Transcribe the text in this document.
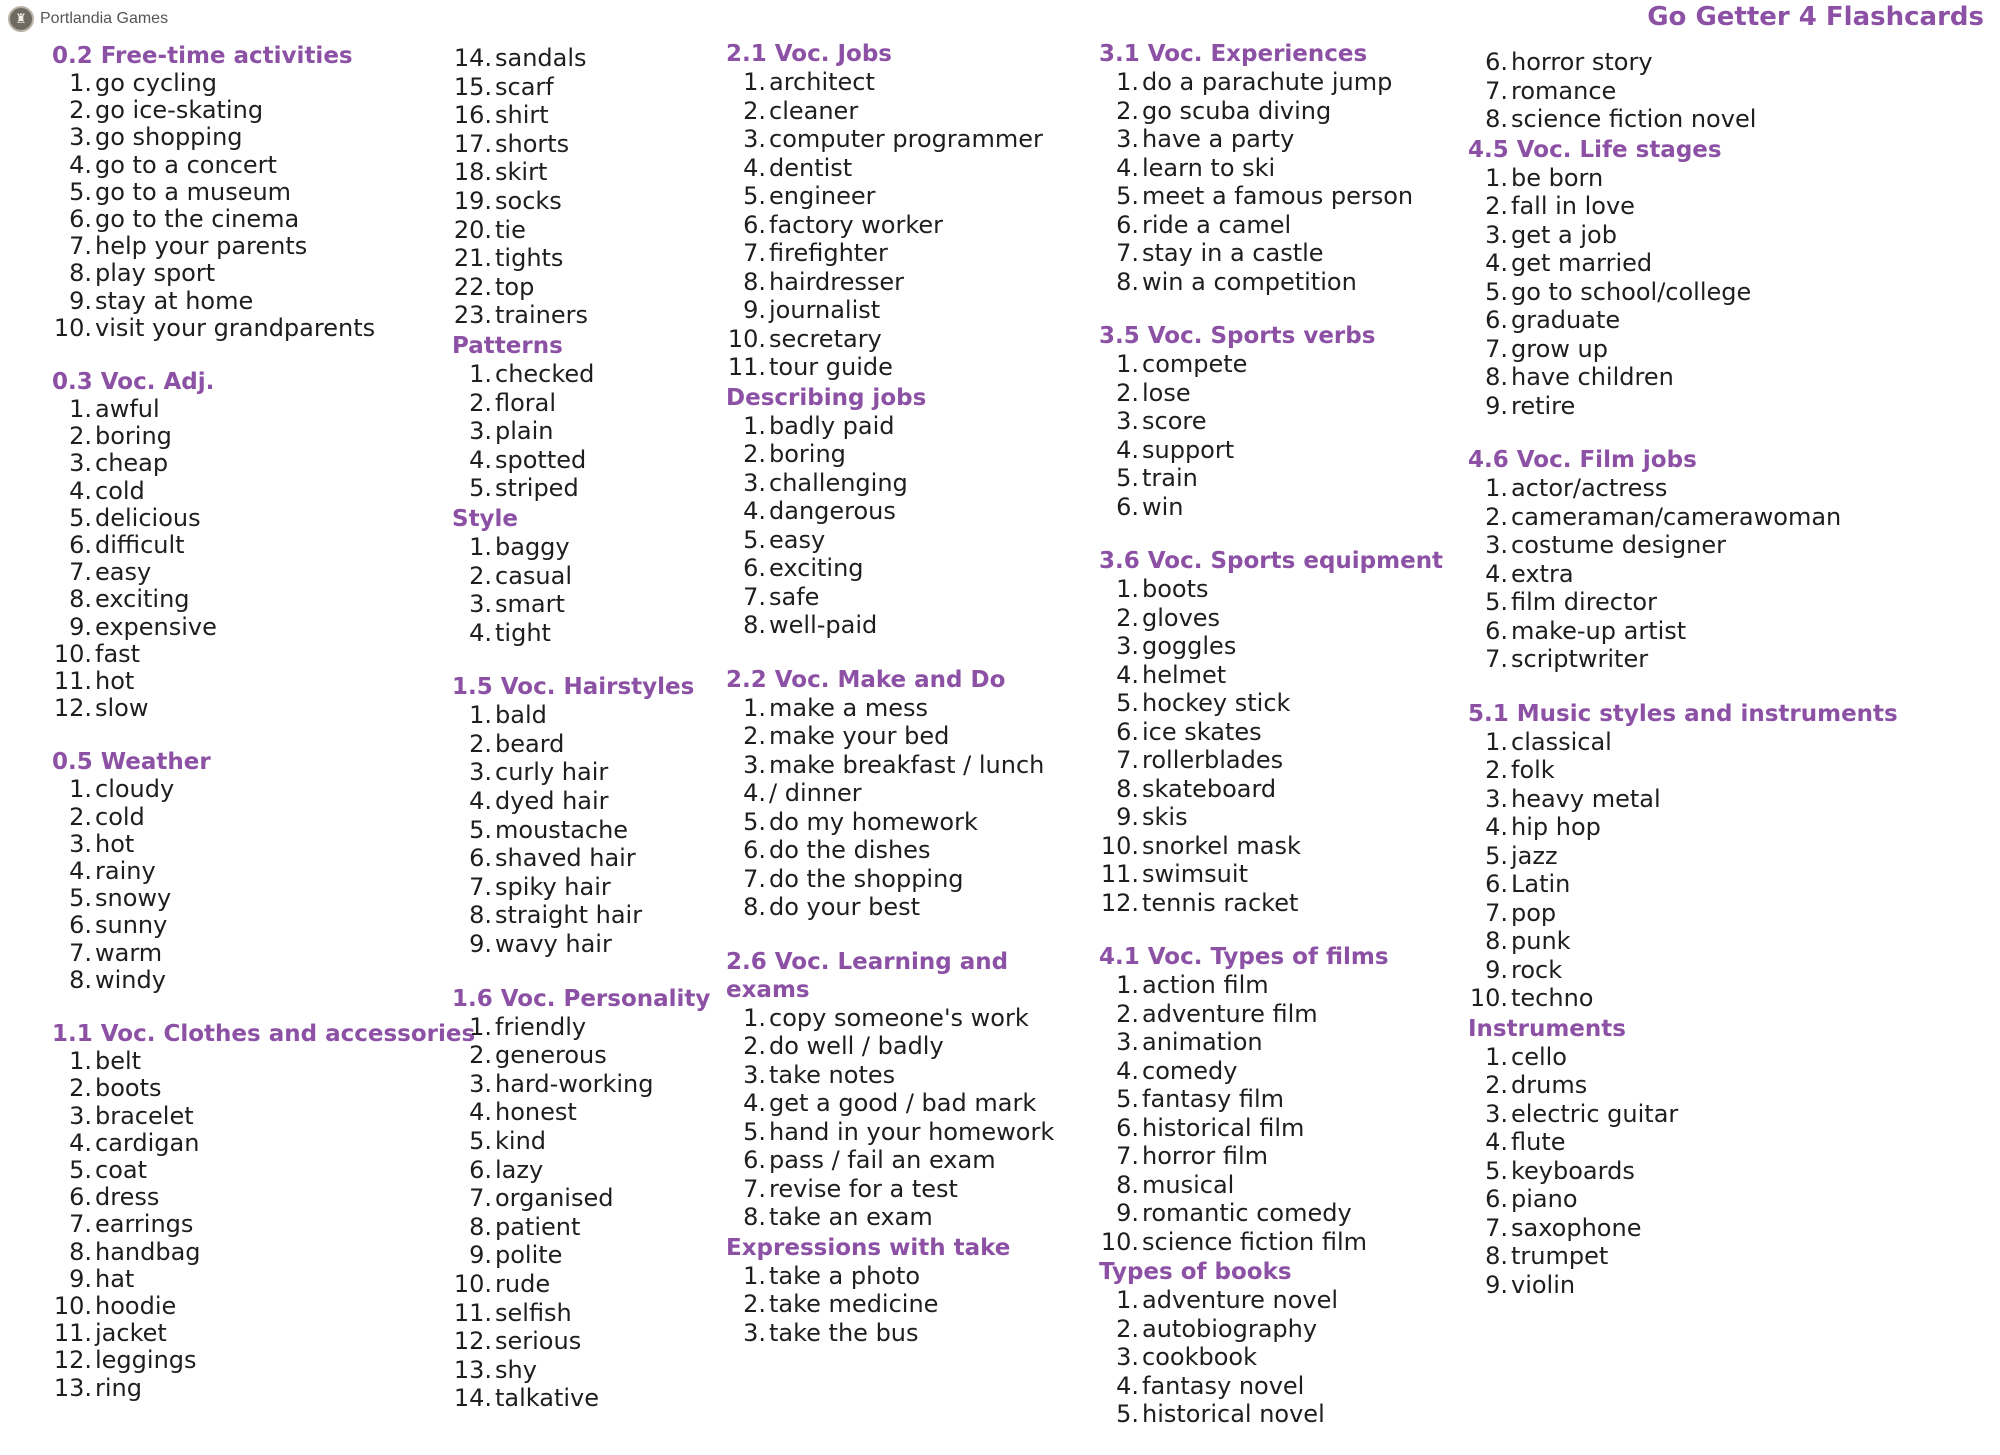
♜ Portlandia Games	Go Getter 4 Flashcards
0.2 Free-time activities
1. go cycling
2. go ice-skating
3. go shopping
4. go to a concert
5. go to a museum
6. go to the cinema
7. help your parents
8. play sport
9. stay at home
10. visit your grandparents
0.3 Voc. Adj.
1. awful
2. boring
3. cheap
4. cold
5. delicious
6. difficult
7. easy
8. exciting
9. expensive
10. fast
11. hot
12. slow
0.5 Weather
1. cloudy
2. cold
3. hot
4. rainy
5. snowy
6. sunny
7. warm
8. windy
1.1 Voc. Clothes and accessories
1. belt
2. boots
3. bracelet
4. cardigan
5. coat
6. dress
7. earrings
8. handbag
9. hat
10. hoodie
11. jacket
12. leggings
13. ring
14. sandals
15. scarf
16. shirt
17. shorts
18. skirt
19. socks
20. tie
21. tights
22. top
23. trainers
Patterns
1. checked
2. floral
3. plain
4. spotted
5. striped
Style
1. baggy
2. casual
3. smart
4. tight
1.5 Voc. Hairstyles
1. bald
2. beard
3. curly hair
4. dyed hair
5. moustache
6. shaved hair
7. spiky hair
8. straight hair
9. wavy hair
1.6 Voc. Personality
1. friendly
2. generous
3. hard-working
4. honest
5. kind
6. lazy
7. organised
8. patient
9. polite
10. rude
11. selfish
12. serious
13. shy
14. talkative
2.1 Voc. Jobs
1. architect
2. cleaner
3. computer programmer
4. dentist
5. engineer
6. factory worker
7. firefighter
8. hairdresser
9. journalist
10. secretary
11. tour guide
Describing jobs
1. badly paid
2. boring
3. challenging
4. dangerous
5. easy
6. exciting
7. safe
8. well-paid
2.2 Voc. Make and Do
1. make a mess
2. make your bed
3. make breakfast / lunch
4. / dinner
5. do my homework
6. do the dishes
7. do the shopping
8. do your best
2.6 Voc. Learning and exams
1. copy someone's work
2. do well / badly
3. take notes
4. get a good / bad mark
5. hand in your homework
6. pass / fail an exam
7. revise for a test
8. take an exam
Expressions with take
1. take a photo
2. take medicine
3. take the bus
3.1 Voc. Experiences
1. do a parachute jump
2. go scuba diving
3. have a party
4. learn to ski
5. meet a famous person
6. ride a camel
7. stay in a castle
8. win a competition
3.5 Voc. Sports verbs
1. compete
2. lose
3. score
4. support
5. train
6. win
3.6 Voc. Sports equipment
1. boots
2. gloves
3. goggles
4. helmet
5. hockey stick
6. ice skates
7. rollerblades
8. skateboard
9. skis
10. snorkel mask
11. swimsuit
12. tennis racket
4.1 Voc. Types of films
1. action film
2. adventure film
3. animation
4. comedy
5. fantasy film
6. historical film
7. horror film
8. musical
9. romantic comedy
10. science fiction film
Types of books
1. adventure novel
2. autobiography
3. cookbook
4. fantasy novel
5. historical novel
6. horror story
7. romance
8. science fiction novel
4.5 Voc. Life stages
1. be born
2. fall in love
3. get a job
4. get married
5. go to school/college
6. graduate
7. grow up
8. have children
9. retire
4.6 Voc. Film jobs
1. actor/actress
2. cameraman/camerawoman
3. costume designer
4. extra
5. film director
6. make-up artist
7. scriptwriter
5.1 Music styles and instruments
1. classical
2. folk
3. heavy metal
4. hip hop
5. jazz
6. Latin
7. pop
8. punk
9. rock
10. techno
Instruments
1. cello
2. drums
3. electric guitar
4. flute
5. keyboards
6. piano
7. saxophone
8. trumpet
9. violin
